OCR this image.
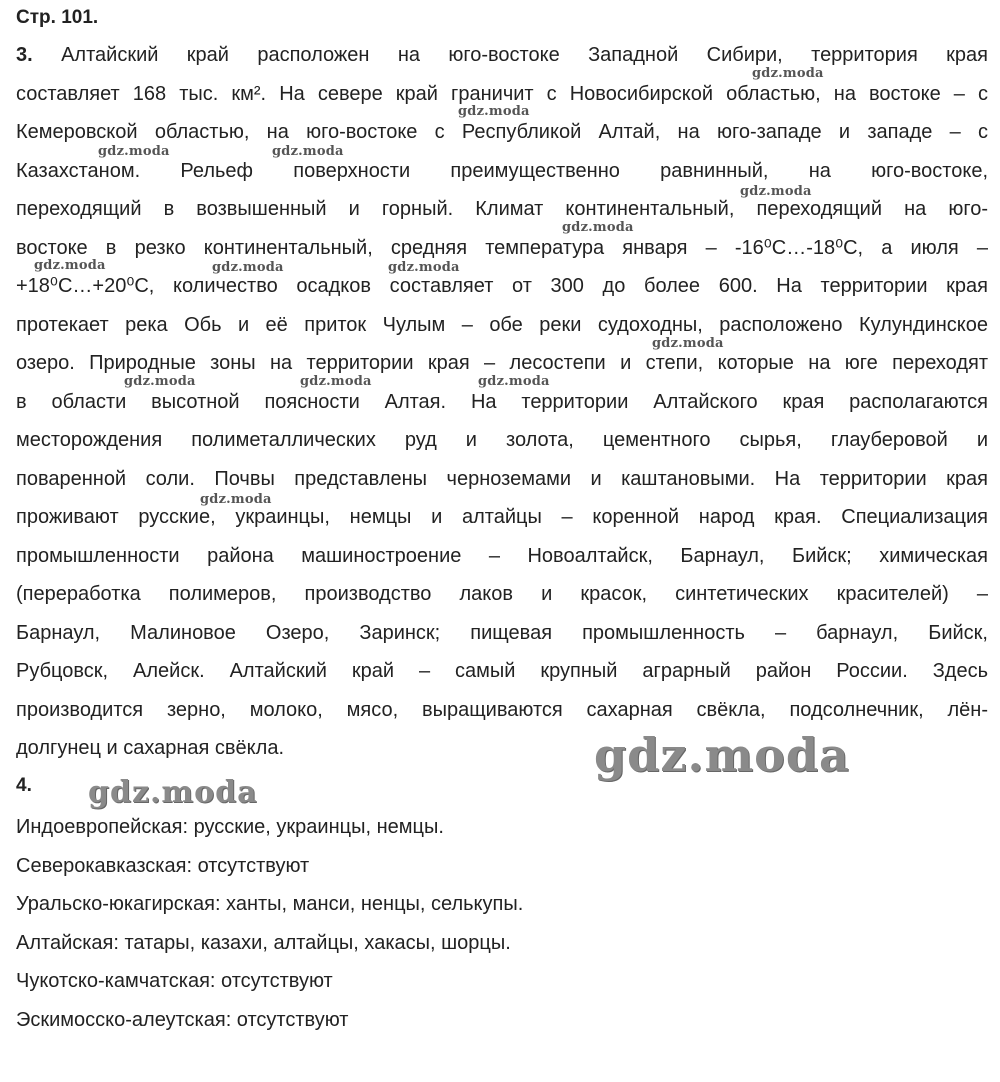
Стр. 101.
3. Алтайский край расположен на юго-востоке Западной Сибири, территория края
составляет 168 тыс. км². На севере край граничит с Новосибирской областью, на востоке – с
Кемеровской областью, на юго-востоке с Республикой Алтай, на юго-западе и западе – с
Казахстаном. Рельеф поверхности преимущественно равнинный, на юго-востоке,
переходящий в возвышенный и горный. Климат континентальный, переходящий на юго-
востоке в резко континентальный, средняя температура января – -16⁰С…-18⁰С, а июля –
+18⁰С…+20⁰С, количество осадков составляет от 300 до более 600. На территории края
протекает река Обь и её приток Чулым – обе реки судоходны, расположено Кулундинское
озеро. Природные зоны на территории края – лесостепи и степи, которые на юге переходят
в области высотной поясности Алтая. На территории Алтайского края располагаются
месторождения полиметаллических руд и золота, цементного сырья, глауберовой и
поваренной соли. Почвы представлены черноземами и каштановыми. На территории края
проживают русские, украинцы, немцы и алтайцы – коренной народ края. Специализация
промышленности района машиностроение – Новоалтайск, Барнаул, Бийск; химическая
(переработка полимеров, производство лаков и красок, синтетических красителей) –
Барнаул, Малиновое Озеро, Заринск; пищевая промышленность – барнаул, Бийск,
Рубцовск, Алейск. Алтайский край – самый крупный аграрный район России. Здесь
производится зерно, молоко, мясо, выращиваются сахарная свёкла, подсолнечник, лён-
долгунец и сахарная свёкла.
4.
Индоевропейская: русские, украинцы, немцы.
Северокавказская: отсутствуют
Уральско-юкагирская: ханты, манси, ненцы, селькупы.
Алтайская: татары, казахи, алтайцы, хакасы, шорцы.
Чукотско-камчатская: отсутствуют
Эскимосско-алеутская: отсутствуют
gdz.moda
gdz.moda
gdz.moda	gdz.moda
gdz.moda
gdz.moda
gdz.moda	gdz.moda	gdz.moda
gdz.moda
gdz.moda	gdz.moda	gdz.moda
gdz.moda
gdz.moda
gdz.moda
